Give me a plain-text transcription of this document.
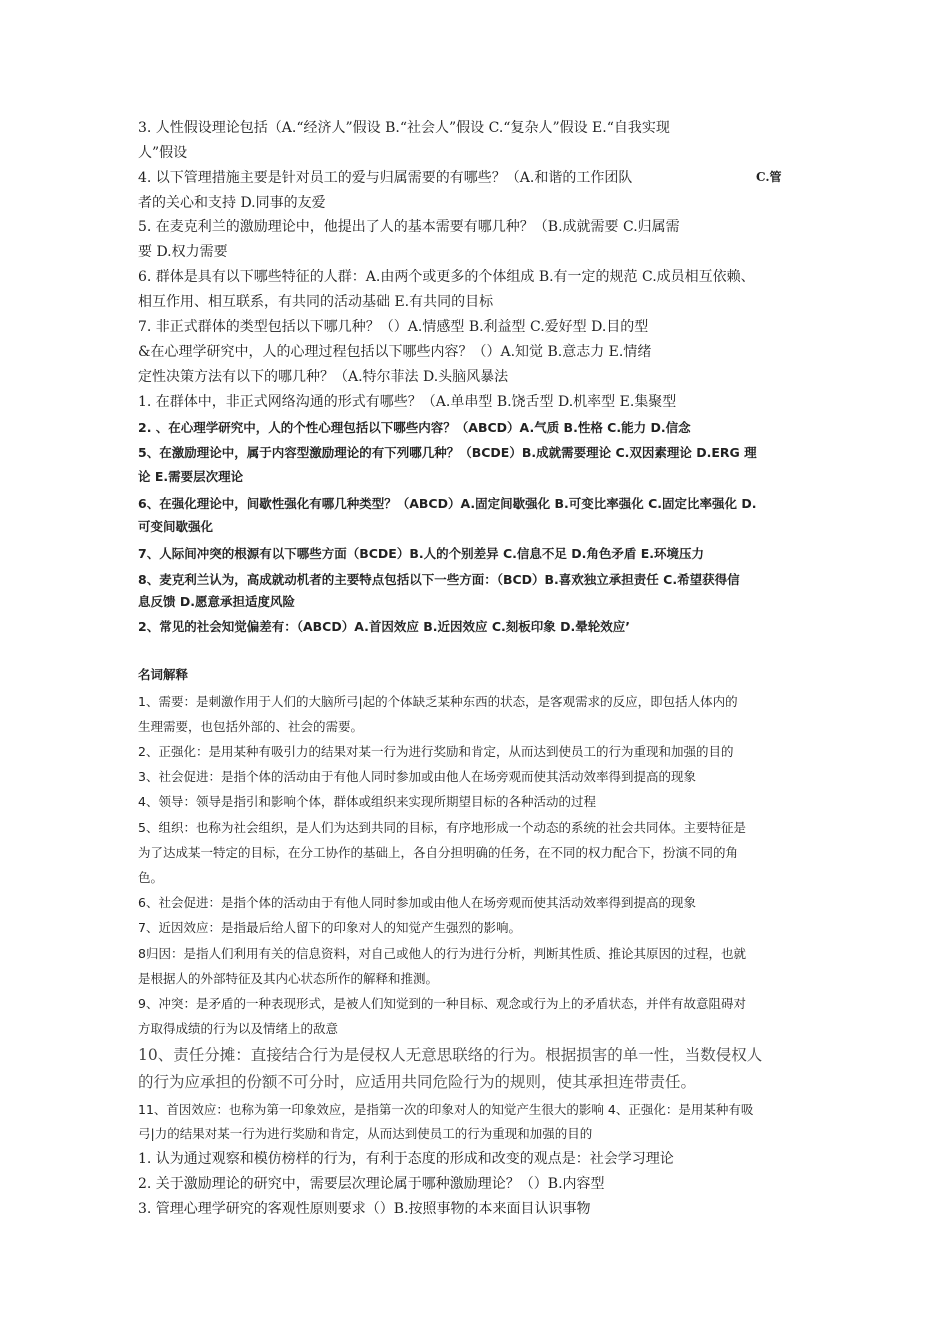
3. 人性假设理论包括（A.“经济人”假设 B.“社会人”假设 C.“复杂人”假设 E.“自我实现
人”假设
4. 以下管理措施主要是针对员工的爱与归属需要的有哪些？（A.和谐的工作团队	C.管
者的关心和支持 D.同事的友爱
5. 在麦克利兰的激励理论中，他提出了人的基本需要有哪几种？（B.成就需要 C.归属需
要 D.权力需要
6. 群体是具有以下哪些特征的人群：A.由两个或更多的个体组成 B.有一定的规范 C.成员相互依赖、
相互作用、相互联系，有共同的活动基础 E.有共同的目标
7. 非正式群体的类型包括以下哪几种？（）A.情感型 B.利益型 C.爱好型 D.目的型
&在心理学研究中，人的心理过程包括以下哪些内容？（）A.知觉 B.意志力 E.情绪
定性决策方法有以下的哪几种？（A.特尔菲法 D.头脑风暴法
1. 在群体中，非正式网络沟通的形式有哪些？（A.单串型 B.饶舌型 D.机率型 E.集聚型
2. 、在心理学研究中，人的个性心理包括以下哪些内容？（ABCD）A.气质 B.性格 C.能力 D.信念
5、在激励理论中，属于内容型激励理论的有下列哪几种？（BCDE）B.成就需要理论 C.双因素理论 D.ERG 理
论 E.需要层次理论
6、在强化理论中，间歇性强化有哪几种类型？（ABCD）A.固定间歇强化 B.可变比率强化 C.固定比率强化 D.
可变间歇强化
7、人际间冲突的根源有以下哪些方面（BCDE）B.人的个别差异 C.信息不足 D.角色矛盾 E.环境压力
8、麦克利兰认为，高成就动机者的主要特点包括以下一些方面：（BCD）B.喜欢独立承担责任 C.希望获得信
息反馈 D.愿意承担适度风险
2、常见的社会知觉偏差有：（ABCD）A.首因效应 B.近因效应 C.刻板印象 D.晕轮效应’
名词解释
1、需要：是刺激作用于人们的大脑所弓|起的个体缺乏某种东西的状态，是客观需求的反应，即包括人体内的
生理需要，也包括外部的、社会的需要。
2、正强化：是用某种有吸引力的结果对某一行为进行奖励和肯定，从而达到使员工的行为重现和加强的目的
3、社会促进：是指个体的活动由于有他人同时参加或由他人在场旁观而使其活动效率得到提高的现象
4、领导：领导是指引和影响个体，群体或组织来实现所期望目标的各种活动的过程
5、组织：也称为社会组织，是人们为达到共同的目标，有序地形成一个动态的系统的社会共同体。主要特征是
为了达成某一特定的目标，在分工协作的基础上，各自分担明确的任务，在不同的权力配合下，扮演不同的角
色。
6、社会促进：是指个体的活动由于有他人同时参加或由他人在场旁观而使其活动效率得到提高的现象
7、近因效应：是指最后给人留下的印象对人的知觉产生强烈的影响。
8归因：是指人们利用有关的信息资料，对自己或他人的行为进行分析，判断其性质、推论其原因的过程，也就
是根据人的外部特征及其内心状态所作的解释和推测。
9、冲突：是矛盾的一种表现形式，是被人们知觉到的一种目标、观念或行为上的矛盾状态，并伴有故意阻碍对
方取得成绩的行为以及情绪上的敌意
10、责任分摊：直接结合行为是侵权人无意思联络的行为。根据损害的单一性，当数侵权人
的行为应承担的份额不可分时，应适用共同危险行为的规则，使其承担连带责任。
11、首因效应：也称为第一印象效应，是指第一次的印象对人的知觉产生很大的影响 4、正强化：是用某种有吸
弓|力的结果对某一行为进行奖励和肯定，从而达到使员工的行为重现和加强的目的
1. 认为通过观察和模仿榜样的行为，有利于态度的形成和改变的观点是：社会学习理论
2. 关于激励理论的研究中，需要层次理论属于哪种激励理论？（）B.内容型
3. 管理心理学研究的客观性原则要求（）B.按照事物的本来面目认识事物
